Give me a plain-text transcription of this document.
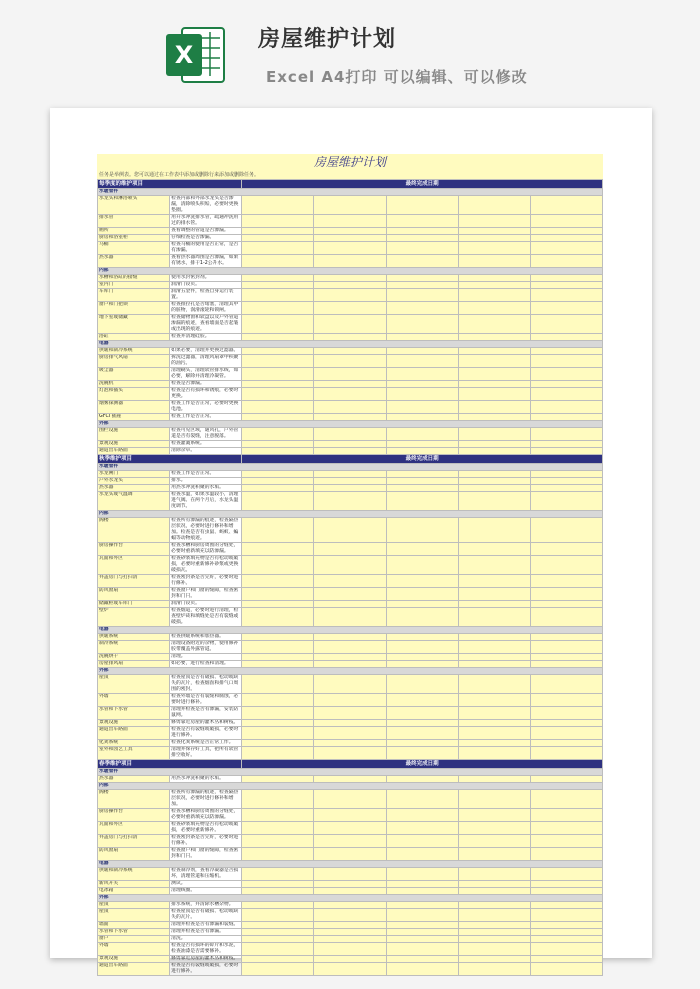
X
房屋维护计划
Excel A4打印 可以编辑、可以修改
房屋维护计划
任务是举例表。您可以通过在工作表中添加或删除行来添加或删除任务。
每季度的维护项目		最终完成日期				
水暖管件						
水龙头和淋浴喷头	检查内部和外部水龙头是否渗漏，清除喷头积垢，必要时更换垫圈。					
排水管	用开水冲洗排水管，疏通冲洗用过的排水管。					
厕所	查看调整的管道是否渗漏。					
厨房和浴室柜	仔细检查是否渗漏。					
马桶	检查马桶的使用是否正常，是否有渗漏。					
热水器	查看热水器周围是否渗漏，如果有锈水，排干1-2公升水。					
内部						
水槽和浴缸的接缝	使用水封密封剂。					
室内门	润滑门铰页。					
车库门	润滑五金件，检查自身运行装置。					
窗户和门把锁	检查推拉孔是否堵塞，清理其中的脏物，润滑滚轮和锁闸。					
地下室或储藏	检查储物窗和软盘以及户外管道渗漏的痕迹，查看墙面是否起皱或出现的痕迹。					
浴缸	检查并清理硅胶。					
电器						
供暖和制冷系统	如果必要，清理并更换过滤器。					
厨房排气风扇	拆洗过滤器，清理风扇罩中积聚的油污。					
吸尘器	清理刷头，清理软管排水线，如必要，解除并清理冷凝管。					
洗碗机	检查是否渗漏。					
灯泡和插头	检查是否有损坏和锈痕，必要时更换。					
烟雾探测器	检查工作是否正常，必要时更换电池。					
GFCI 插座	检查工作是否正常。					
外部						
围栏设施	检查可见区域，通风孔，户外管道是否有裂缝，注意脱落。					
景观设施	检查灌溉系统。					
通道出车路面	清除杂草。					
秋季维护项目		最终完成日期				
水暖管件						
水龙闸门	检查工作是否正常。					
户外水龙头	排水。					
热水器	用热水冲洗积聚的水垢。					
水龙头或气温调	检查水温，如果水温较小，清理进气阀。在两个月后，水龙头温度调节。					
内部						
阁楼	检查所有渗漏的痕迹，检查隔热层状况，必要时进行修补和增加。检查是否有虫鼠、蚂蚁、蝙蝠等动物痕迹。					
厨房操作台	检查水槽和厨房周围的分缝处，必要时重新填充以防渗漏。					
瓦面和外区	检查砂浆填充物是否有松动或破损，必要时重新修补砂浆或更换破损瓦。					
井盖房门与打扫清	检查密封条是否完好，必要时进行修补。					
防风窗扇	检查窗户和门窗的缝隙，检查密封和门闩。					
储藏柜或车库门	润滑门铰页。					
壁炉	检查烟道，必要时进行清理，检查壁炉砖和填缝处是否有裂缝或破损。					
电器						
供暖系统	检查供暖系统和加热器。					
制冷系统	清理设备附近的杂物，使用修补胶带覆盖外露管道。					
洗碗烘干	清理。					
房屋排风扇	如必要，进行检查和清理。					
外部						
屋顶	检查屋顶是否有破损、松动或缺失的瓦片，检查烟囱和排气口周围的密封。					
外墙	检查外墙是否有裂缝和腐蚀，必要时进行修补。					
水管和下水管	清理并检查是否有渗漏，安装防鼠网。					
景观设施	修剪靠近房屋的灌木丛和树枝。					
通道出车路面	检查是否有裂缝或破损，必要时进行修补。					
化粪系统	检查化粪系统是否正常工作。					
室外和园艺工具	清理并保存好工具，把所有软管排空收好。					
春季维护项目		最终完成日期				
水暖管件						
热水器	用热水冲洗积聚的水垢。					
内部						
阁楼	检查所有渗漏的痕迹，检查隔热层状况，必要时进行修补和增加。					
厨房操作台	检查水槽和厨房周围的分缝处，必要时重新填充以防渗漏。					
瓦面和外区	检查砂浆填充物是否有松动或破损，必要时重新修补。					
井盖房门与打扫清	检查密封条是否完好，必要时进行修补。					
防风窗扇	检查窗户和门窗的缝隙，检查密封和门闩。					
电器						
供暖和制冷系统	检查制冷剂，查看冷凝器是否损坏，清理管道和压缩机。					
新风开关	测试。					
电冰箱	清理线圈。					
外部						
屋顶	排水系统，并清除水槽杂物。					
屋顶	检查屋顶是否有破损、松动或缺失的瓦片。					
墙面	清理并检查是否有渗漏和裂缝。					
水管和下水管	清理并检查是否有渗漏。					
窗户	清洗。					
外墙	检查是否有损坏的碎片和水泥，检查油漆是否需要修补。					
景观设施	修剪靠近房屋的灌木丛和树枝。					
通道出车路面	检查是否有裂缝或破损，必要时进行修补。					
